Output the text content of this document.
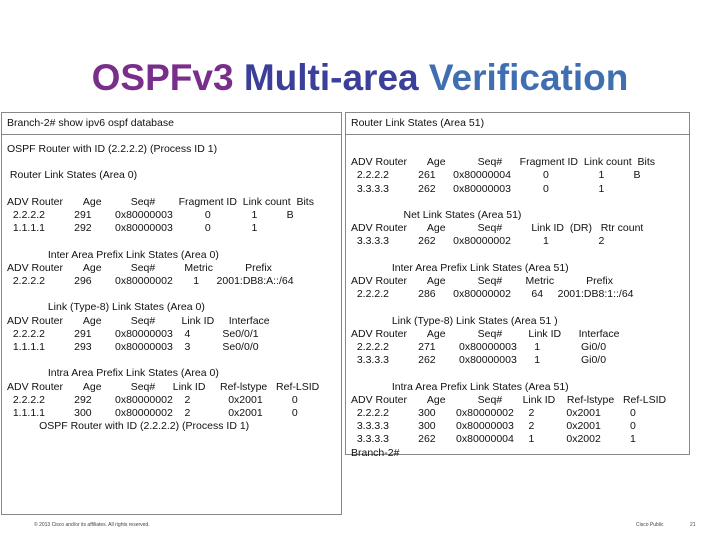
OSPFv3 Multi-area Verification
Branch-2# show ipv6 ospf database
OSPF Router with ID (2.2.2.2) (Process ID 1)
Router Link States (Area 0)
ADV Router       Age          Seq#        Fragment ID  Link count  Bits
2.2.2.2          291        0x80000003           0              1          B
1.1.1.1          292        0x80000003           0              1
Inter Area Prefix Link States (Area 0)
ADV Router       Age          Seq#          Metric           Prefix
2.2.2.2          296        0x80000002       1      2001:DB8:A::/64
Link (Type-8) Link States (Area 0)
ADV Router       Age          Seq#         Link ID     Interface
2.2.2.2          291        0x80000003    4           Se0/0/1
1.1.1.1          293        0x80000003    3           Se0/0/0
Intra Area Prefix Link States (Area 0)
ADV Router       Age          Seq#      Link ID     Ref-lstype   Ref-LSID
2.2.2.2          292        0x80000002    2             0x2001          0
1.1.1.1          300        0x80000002    2             0x2001          0
OSPF Router with ID (2.2.2.2) (Process ID 1)
Router Link States (Area 51)
ADV Router       Age           Seq#      Fragment ID  Link count  Bits
2.2.2.2          261      0x80000004           0                 1          B
3.3.3.3          262      0x80000003           0                 1
Net Link States (Area 51)
ADV Router       Age           Seq#          Link ID  (DR)   Rtr count
3.3.3.3          262      0x80000002           1                 2
Inter Area Prefix Link States (Area 51)
ADV Router       Age           Seq#        Metric           Prefix
2.2.2.2          286      0x80000002       64     2001:DB8:1::/64
Link (Type-8) Link States (Area 51 )
ADV Router       Age           Seq#         Link ID      Interface
2.2.2.2          271        0x80000003      1              Gi0/0
3.3.3.3          262        0x80000003      1              Gi0/0
Intra Area Prefix Link States (Area 51)
ADV Router       Age           Seq#       Link ID    Ref-lstype   Ref-LSID
2.2.2.2          300       0x80000002     2           0x2001          0
3.3.3.3          300       0x80000003     2           0x2001          0
3.3.3.3          262       0x80000004     1           0x2002          1
Branch-2#
© 2013 Cisco and/or its affiliates. All rights reserved.	Cisco Public	21
